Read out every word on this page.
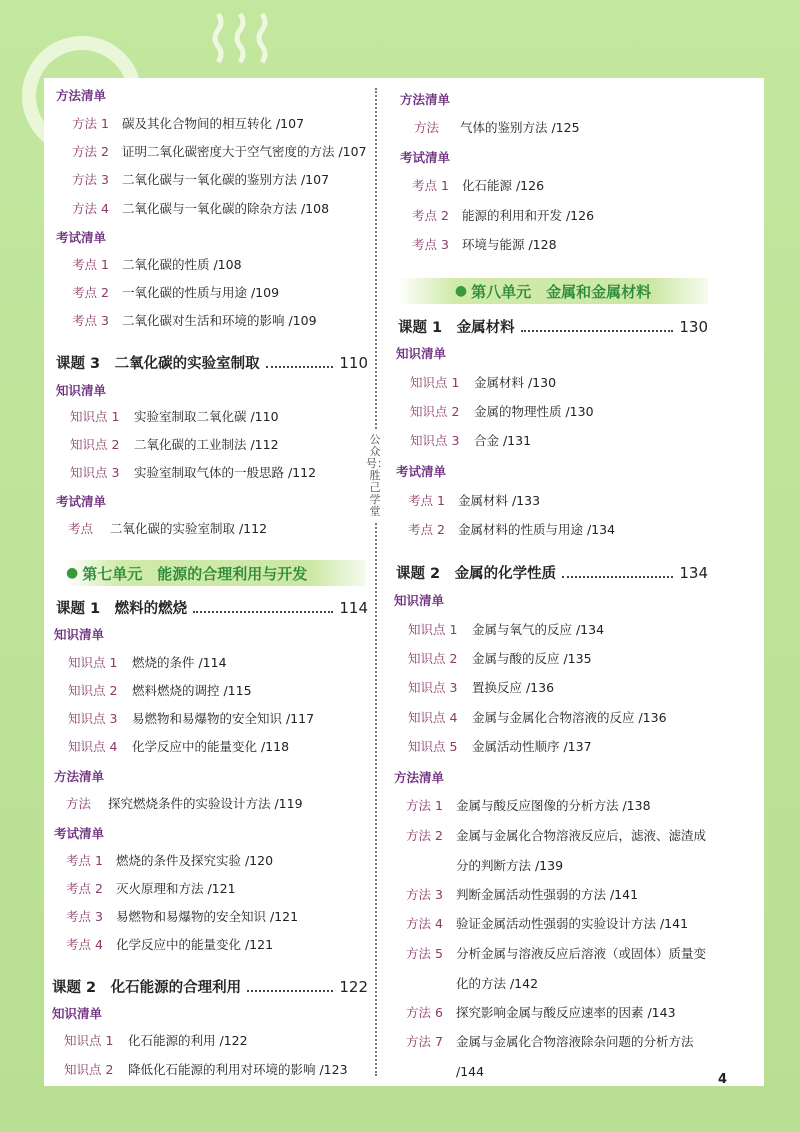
方法清单
方法 1 碳及其化合物间的相互转化 /107
方法 2 证明二氧化碳密度大于空气密度的方法 /107
方法 3 二氧化碳与一氧化碳的鉴别方法 /107
方法 4 二氧化碳与一氧化碳的除杂方法 /108
考试清单
考点 1 二氧化碳的性质 /108
考点 2 一氧化碳的性质与用途 /109
考点 3 二氧化碳对生活和环境的影响 /109
课题 3　二氧化碳的实验室制取	110
知识清单
知识点 1 实验室制取二氧化碳 /110
知识点 2 二氧化碳的工业制法 /112
知识点 3 实验室制取气体的一般思路 /112
考试清单
考点 二氧化碳的实验室制取 /112
● 第七单元　能源的合理利用与开发
课题 1　燃料的燃烧	114
知识清单
知识点 1 燃烧的条件 /114
知识点 2 燃料燃烧的调控 /115
知识点 3 易燃物和易爆物的安全知识 /117
知识点 4 化学反应中的能量变化 /118
方法清单
方法 探究燃烧条件的实验设计方法 /119
考试清单
考点 1 燃烧的条件及探究实验 /120
考点 2 灭火原理和方法 /121
考点 3 易燃物和易爆物的安全知识 /121
考点 4 化学反应中的能量变化 /121
课题 2　化石能源的合理利用	122
知识清单
知识点 1 化石能源的利用 /122
知识点 2 降低化石能源的利用对环境的影响 /123
公众号：胜己学堂
方法清单
方法 气体的鉴别方法 /125
考试清单
考点 1 化石能源 /126
考点 2 能源的利用和开发 /126
考点 3 环境与能源 /128
● 第八单元　金属和金属材料
课题 1　金属材料	130
知识清单
知识点 1 金属材料 /130
知识点 2 金属的物理性质 /130
知识点 3 合金 /131
考试清单
考点 1 金属材料 /133
考点 2 金属材料的性质与用途 /134
课题 2　金属的化学性质	134
知识清单
知识点 1 金属与氧气的反应 /134
知识点 2 金属与酸的反应 /135
知识点 3 置换反应 /136
知识点 4 金属与金属化合物溶液的反应 /136
知识点 5 金属活动性顺序 /137
方法清单
方法 1 金属与酸反应图像的分析方法 /138
方法 2	金属与金属化合物溶液反应后，滤液、滤渣成分的判断方法 /139
方法 3 判断金属活动性强弱的方法 /141
方法 4 验证金属活动性强弱的实验设计方法 /141
方法 5	分析金属与溶液反应后溶液（或固体）质量变化的方法 /142
方法 6 探究影响金属与酸反应速率的因素 /143
方法 7	金属与金属化合物溶液除杂问题的分析方法 /144
4
